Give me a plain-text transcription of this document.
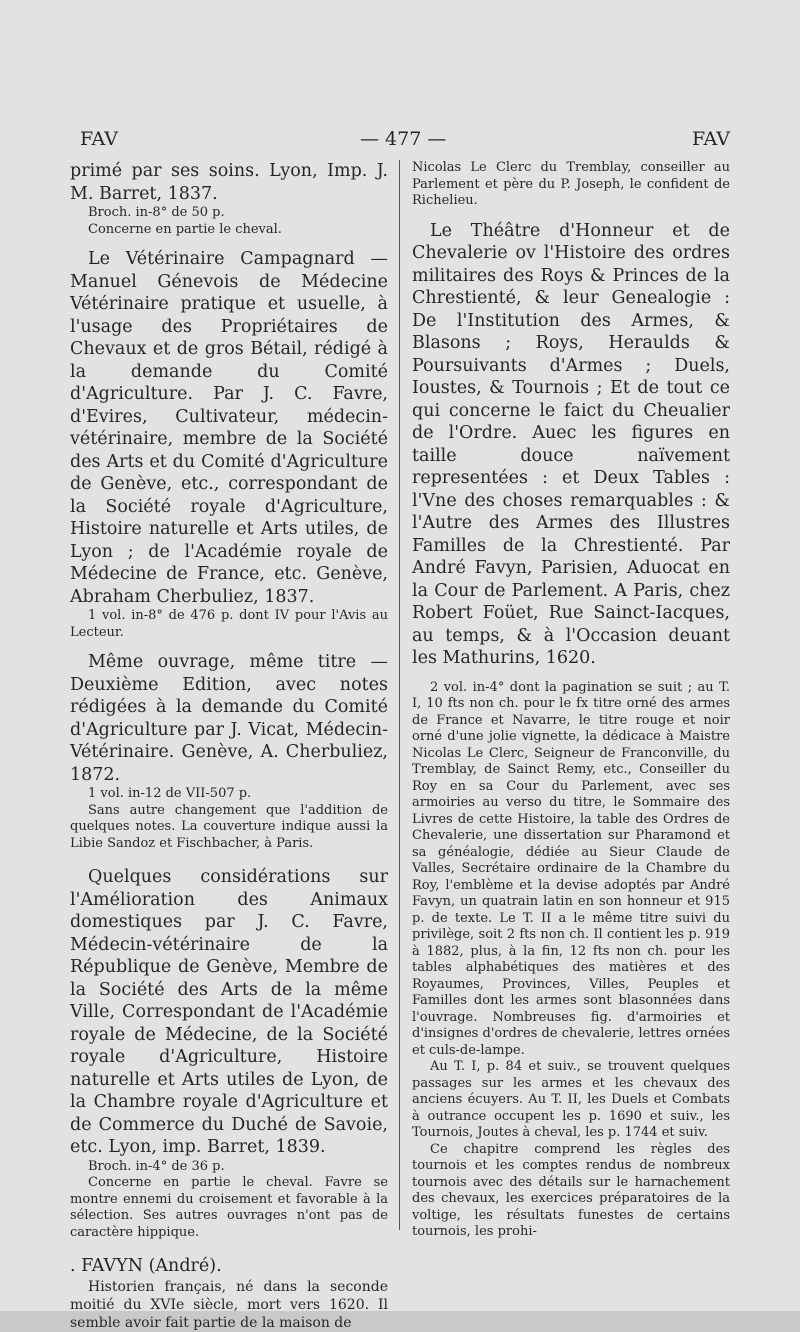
FAV	— 477 —	FAV

primé par ses soins. Lyon, Imp. J. M. Barret, 1837.

Broch. in-8° de 50 p.

Concerne en partie le cheval.

Le Vétérinaire Campagnard — Manuel Génevois de Médecine Vétérinaire pratique et usuelle, à l'usage des Propriétaires de Chevaux et de gros Bétail, rédigé à la demande du Comité d'Agriculture. Par J. C. Favre, d'Evires, Cultivateur, médecin-vétérinaire, membre de la Société des Arts et du Comité d'Agriculture de Genève, etc., correspondant de la Société royale d'Agriculture, Histoire naturelle et Arts utiles, de Lyon ; de l'Académie royale de Médecine de France, etc. Genève, Abraham Cherbuliez, 1837.

1 vol. in-8° de 476 p. dont IV pour l'Avis au Lecteur.

Même ouvrage, même titre — Deuxième Edition, avec notes rédigées à la demande du Comité d'Agriculture par J. Vicat, Médecin-Vétérinaire. Genève, A. Cherbuliez, 1872.

1 vol. in-12 de VII-507 p.

Sans autre changement que l'addition de quelques notes. La couverture indique aussi la Libie Sandoz et Fischbacher, à Paris.

Quelques considérations sur l'Amélioration des Animaux domestiques par J. C. Favre, Médecin-vétérinaire de la République de Genève, Membre de la Société des Arts de la même Ville, Correspondant de l'Académie royale de Médecine, de la Société royale d'Agriculture, Histoire naturelle et Arts utiles de Lyon, de la Chambre royale d'Agriculture et de Commerce du Duché de Savoie, etc. Lyon, imp. Barret, 1839.

Broch. in-4° de 36 p.

Concerne en partie le cheval. Favre se montre ennemi du croisement et favorable à la sélection. Ses autres ouvrages n'ont pas de caractère hippique.

. FAVYN (André).

Historien français, né dans la seconde moitié du XVIe siècle, mort vers 1620. Il semble avoir fait partie de la maison de

Nicolas Le Clerc du Tremblay, conseiller au Parlement et père du P. Joseph, le confident de Richelieu.

Le Théâtre d'Honneur et de Chevalerie ov l'Histoire des ordres militaires des Roys & Princes de la Chrestienté, & leur Genealogie : De l'Institution des Armes, & Blasons ; Roys, Heraulds & Poursuivants d'Armes ; Duels, Ioustes, & Tournois ; Et de tout ce qui concerne le faict du Cheualier de l'Ordre. Auec les figures en taille douce naïvement representées : et Deux Tables : l'Vne des choses remarquables : & l'Autre des Armes des Illustres Familles de la Chrestienté. Par André Favyn, Parisien, Aduocat en la Cour de Parlement. A Paris, chez Robert Foüet, Rue Sainct-Iacques, au temps, & à l'Occasion deuant les Mathurins, 1620.

2 vol. in-4° dont la pagination se suit ; au T. I, 10 fts non ch. pour le fx titre orné des armes de France et Navarre, le titre rouge et noir orné d'une jolie vignette, la dédicace à Maistre Nicolas Le Clerc, Seigneur de Franconville, du Tremblay, de Sainct Remy, etc., Conseiller du Roy en sa Cour du Parlement, avec ses armoiries au verso du titre, le Sommaire des Livres de cette Histoire, la table des Ordres de Chevalerie, une dissertation sur Pharamond et sa généalogie, dédiée au Sieur Claude de Valles, Secrétaire ordinaire de la Chambre du Roy, l'emblème et la devise adoptés par André Favyn, un quatrain latin en son honneur et 915 p. de texte. Le T. II a le même titre suivi du privilège, soit 2 fts non ch. Il contient les p. 919 à 1882, plus, à la fin, 12 fts non ch. pour les tables alphabétiques des matières et des Royaumes, Provinces, Villes, Peuples et Familles dont les armes sont blasonnées dans l'ouvrage. Nombreuses fig. d'armoiries et d'insignes d'ordres de chevalerie, lettres ornées et culs-de-lampe.

Au T. I, p. 84 et suiv., se trouvent quelques passages sur les armes et les chevaux des anciens écuyers. Au T. II, les Duels et Combats à outrance occupent les p. 1690 et suiv., les Tournois, Joutes à cheval, les p. 1744 et suiv.

Ce chapitre comprend les règles des tournois et les comptes rendus de nombreux tournois avec des détails sur le harnachement des chevaux, les exercices préparatoires de la voltige, les résultats funestes de certains tournois, les prohi-
